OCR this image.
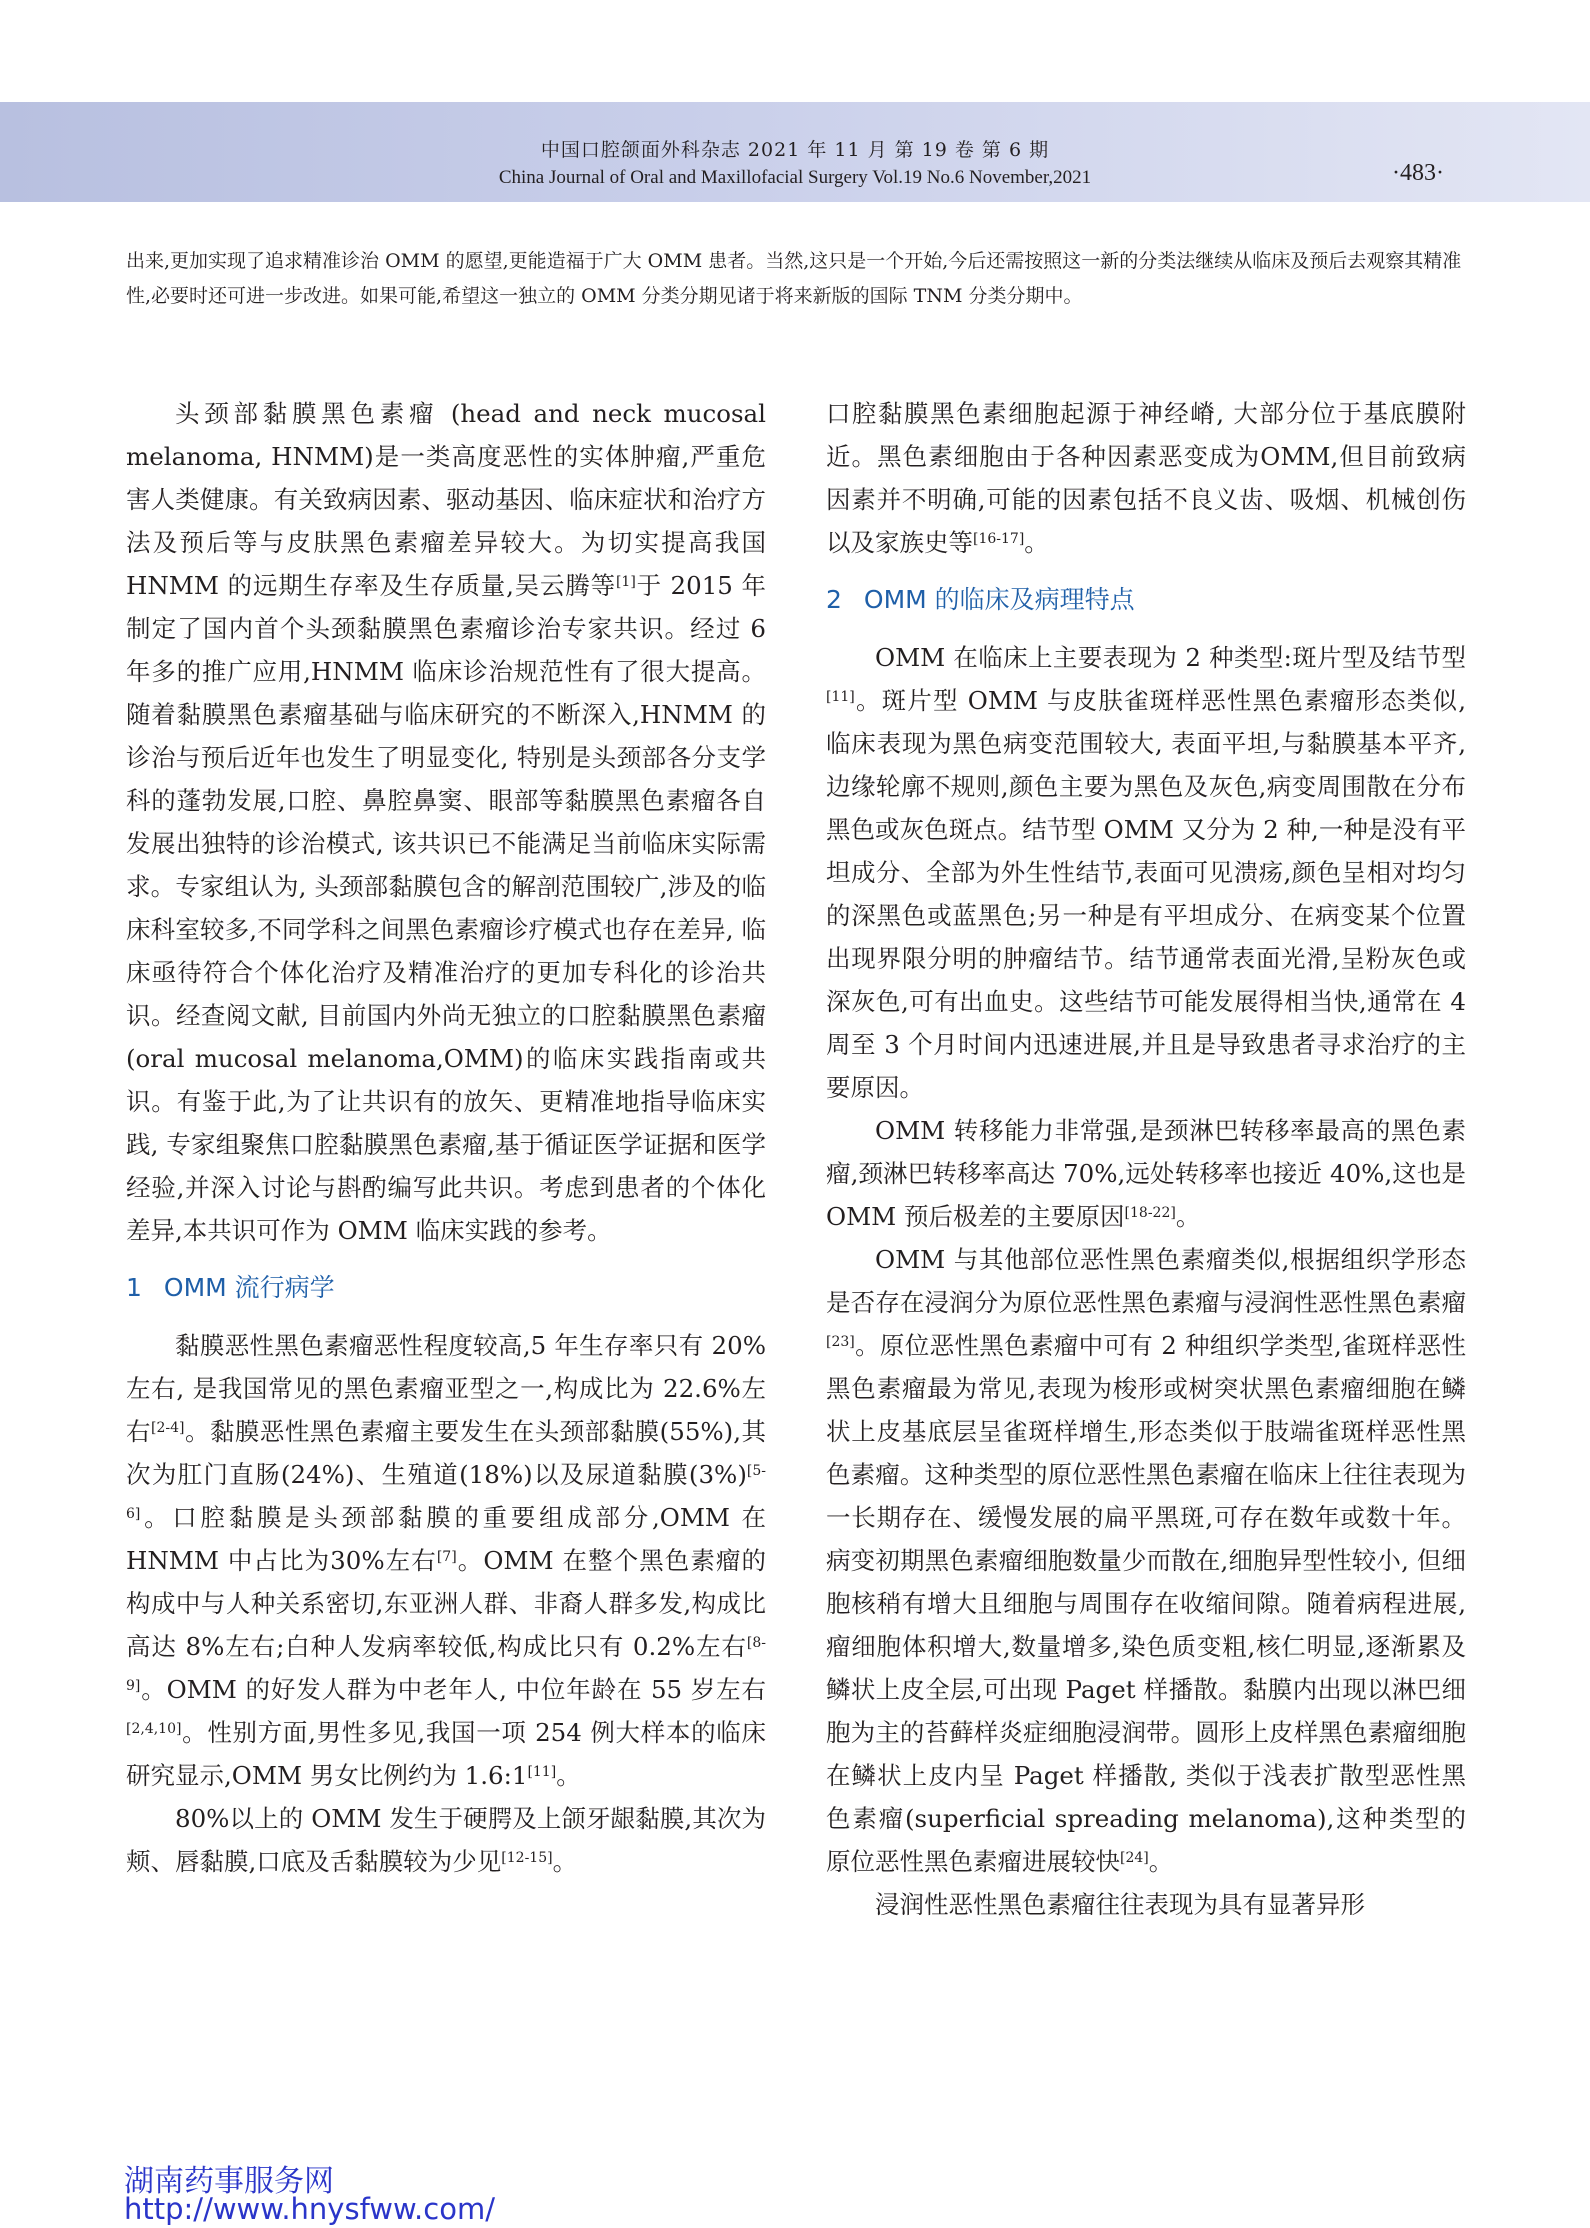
中国口腔颌面外科杂志 2021 年 11 月 第 19 卷 第 6 期
China Journal of Oral and Maxillofacial Surgery Vol.19 No.6 November,2021	·483·

出来,更加实现了追求精准诊治 OMM 的愿望,更能造福于广大 OMM 患者。当然,这只是一个开始,今后还需按照这一新的分类法继续从临床及预后去观察其精准性,必要时还可进一步改进。如果可能,希望这一独立的 OMM 分类分期见诸于将来新版的国际 TNM 分类分期中。

头颈部黏膜黑色素瘤 (head and neck mucosal melanoma, HNMM)是一类高度恶性的实体肿瘤,严重危害人类健康。有关致病因素、驱动基因、临床症状和治疗方法及预后等与皮肤黑色素瘤差异较大。为切实提高我国 HNMM 的远期生存率及生存质量,吴云腾等[1]于 2015 年制定了国内首个头颈黏膜黑色素瘤诊治专家共识。经过 6 年多的推广应用,HNMM 临床诊治规范性有了很大提高。随着黏膜黑色素瘤基础与临床研究的不断深入,HNMM 的诊治与预后近年也发生了明显变化, 特别是头颈部各分支学科的蓬勃发展,口腔、鼻腔鼻窦、眼部等黏膜黑色素瘤各自发展出独特的诊治模式, 该共识已不能满足当前临床实际需求。专家组认为, 头颈部黏膜包含的解剖范围较广,涉及的临床科室较多,不同学科之间黑色素瘤诊疗模式也存在差异, 临床亟待符合个体化治疗及精准治疗的更加专科化的诊治共识。经查阅文献, 目前国内外尚无独立的口腔黏膜黑色素瘤(oral mucosal melanoma,OMM)的临床实践指南或共识。有鉴于此,为了让共识有的放矢、更精准地指导临床实践, 专家组聚焦口腔黏膜黑色素瘤,基于循证医学证据和医学经验,并深入讨论与斟酌编写此共识。考虑到患者的个体化差异,本共识可作为 OMM 临床实践的参考。

1 OMM 流行病学

黏膜恶性黑色素瘤恶性程度较高,5 年生存率只有 20%左右, 是我国常见的黑色素瘤亚型之一,构成比为 22.6%左右[2-4]。黏膜恶性黑色素瘤主要发生在头颈部黏膜(55%),其次为肛门直肠(24%)、生殖道(18%)以及尿道黏膜(3%)[5-6]。口腔黏膜是头颈部黏膜的重要组成部分,OMM 在 HNMM 中占比为30%左右[7]。OMM 在整个黑色素瘤的构成中与人种关系密切,东亚洲人群、非裔人群多发,构成比高达 8%左右;白种人发病率较低,构成比只有 0.2%左右[8-9]。OMM 的好发人群为中老年人, 中位年龄在 55 岁左右[2,4,10]。性别方面,男性多见,我国一项 254 例大样本的临床研究显示,OMM 男女比例约为 1.6:1[11]。

80%以上的 OMM 发生于硬腭及上颌牙龈黏膜,其次为颊、唇黏膜,口底及舌黏膜较为少见[12-15]。

口腔黏膜黑色素细胞起源于神经嵴, 大部分位于基底膜附近。黑色素细胞由于各种因素恶变成为OMM,但目前致病因素并不明确,可能的因素包括不良义齿、吸烟、机械创伤以及家族史等[16-17]。

2 OMM 的临床及病理特点

OMM 在临床上主要表现为 2 种类型:斑片型及结节型[11]。斑片型 OMM 与皮肤雀斑样恶性黑色素瘤形态类似, 临床表现为黑色病变范围较大, 表面平坦,与黏膜基本平齐,边缘轮廓不规则,颜色主要为黑色及灰色,病变周围散在分布黑色或灰色斑点。结节型 OMM 又分为 2 种,一种是没有平坦成分、全部为外生性结节,表面可见溃疡,颜色呈相对均匀的深黑色或蓝黑色;另一种是有平坦成分、在病变某个位置出现界限分明的肿瘤结节。结节通常表面光滑,呈粉灰色或深灰色,可有出血史。这些结节可能发展得相当快,通常在 4 周至 3 个月时间内迅速进展,并且是导致患者寻求治疗的主要原因。

OMM 转移能力非常强,是颈淋巴转移率最高的黑色素瘤,颈淋巴转移率高达 70%,远处转移率也接近 40%,这也是 OMM 预后极差的主要原因[18-22]。

OMM 与其他部位恶性黑色素瘤类似,根据组织学形态是否存在浸润分为原位恶性黑色素瘤与浸润性恶性黑色素瘤[23]。原位恶性黑色素瘤中可有 2 种组织学类型,雀斑样恶性黑色素瘤最为常见,表现为梭形或树突状黑色素瘤细胞在鳞状上皮基底层呈雀斑样增生,形态类似于肢端雀斑样恶性黑色素瘤。这种类型的原位恶性黑色素瘤在临床上往往表现为一长期存在、缓慢发展的扁平黑斑,可存在数年或数十年。病变初期黑色素瘤细胞数量少而散在,细胞异型性较小, 但细胞核稍有增大且细胞与周围存在收缩间隙。随着病程进展,瘤细胞体积增大,数量增多,染色质变粗,核仁明显,逐渐累及鳞状上皮全层,可出现 Paget 样播散。黏膜内出现以淋巴细胞为主的苔藓样炎症细胞浸润带。圆形上皮样黑色素瘤细胞在鳞状上皮内呈 Paget 样播散, 类似于浅表扩散型恶性黑色素瘤(superficial spreading melanoma),这种类型的原位恶性黑色素瘤进展较快[24]。

浸润性恶性黑色素瘤往往表现为具有显著异形

湖南药事服务网
http://www.hnysfww.com/
